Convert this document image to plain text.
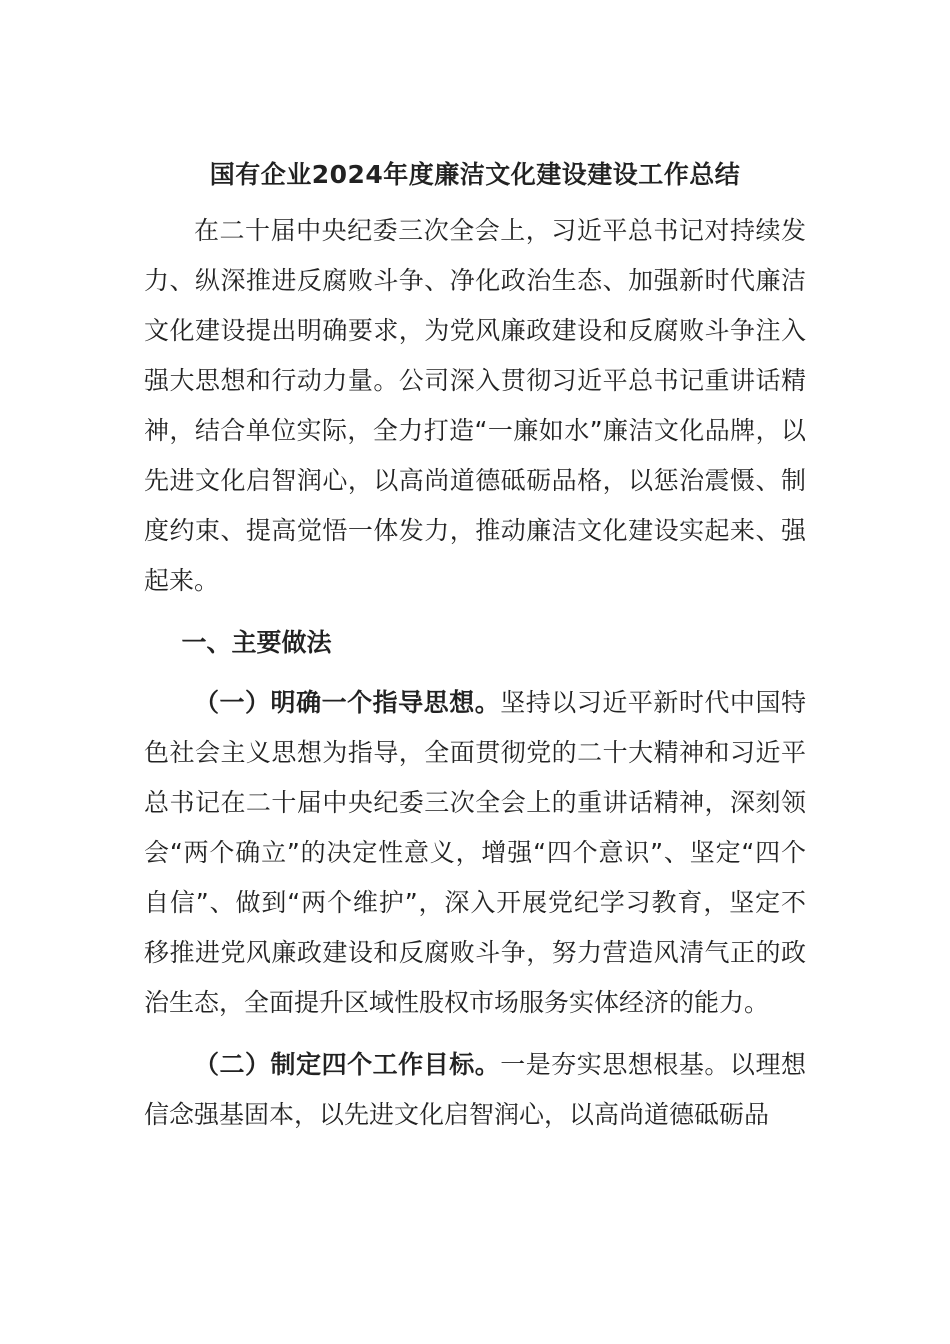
国有企业2024年度廉洁文化建设建设工作总结

在二十届中央纪委三次全会上，习近平总书记对持续发力、纵深推进反腐败斗争、净化政治生态、加强新时代廉洁文化建设提出明确要求，为党风廉政建设和反腐败斗争注入强大思想和行动力量。公司深入贯彻习近平总书记重讲话精神，结合单位实际，全力打造“一廉如水”廉洁文化品牌，以先进文化启智润心，以高尚道德砥砺品格，以惩治震慑、制度约束、提高觉悟一体发力，推动廉洁文化建设实起来、强起来。

一、主要做法

（一）明确一个指导思想。坚持以习近平新时代中国特色社会主义思想为指导，全面贯彻党的二十大精神和习近平总书记在二十届中央纪委三次全会上的重讲话精神，深刻领会“两个确立”的决定性意义，增强“四个意识”、坚定“四个自信”、做到“两个维护”，深入开展党纪学习教育，坚定不移推进党风廉政建设和反腐败斗争，努力营造风清气正的政治生态，全面提升区域性股权市场服务实体经济的能力。

（二）制定四个工作目标。一是夯实思想根基。以理想信念强基固本，以先进文化启智润心，以高尚道德砥砺品
